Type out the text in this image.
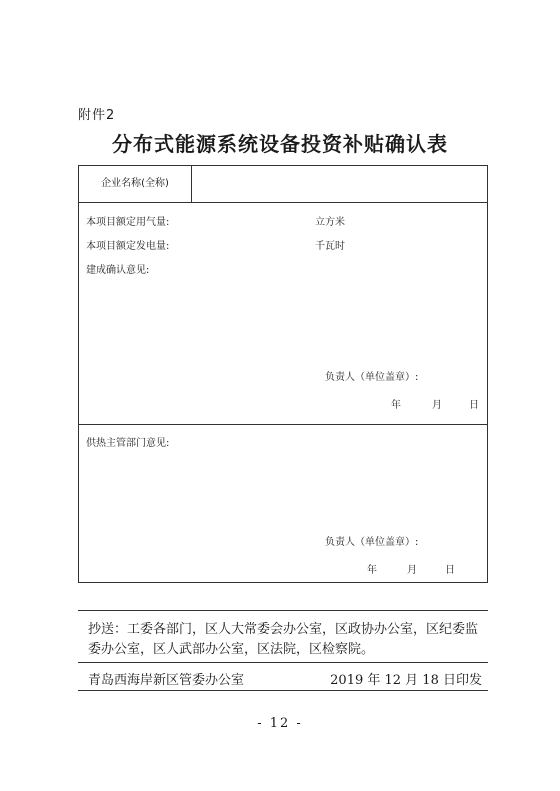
附件2
分布式能源系统设备投资补贴确认表
企业名称(全称)
本项目额定用气量:	立方米
本项目额定发电量:	千瓦时
建成确认意见:
负责人（单位盖章）:
年	月	日
供热主管部门意见:
负责人（单位盖章）:
年	月	日
抄送：工委各部门，区人大常委会办公室，区政协办公室，区纪委监
委办公室，区人武部办公室，区法院，区检察院。
青岛西海岸新区管委办公室	2019 年 12 月 18 日印发
- 12 -
